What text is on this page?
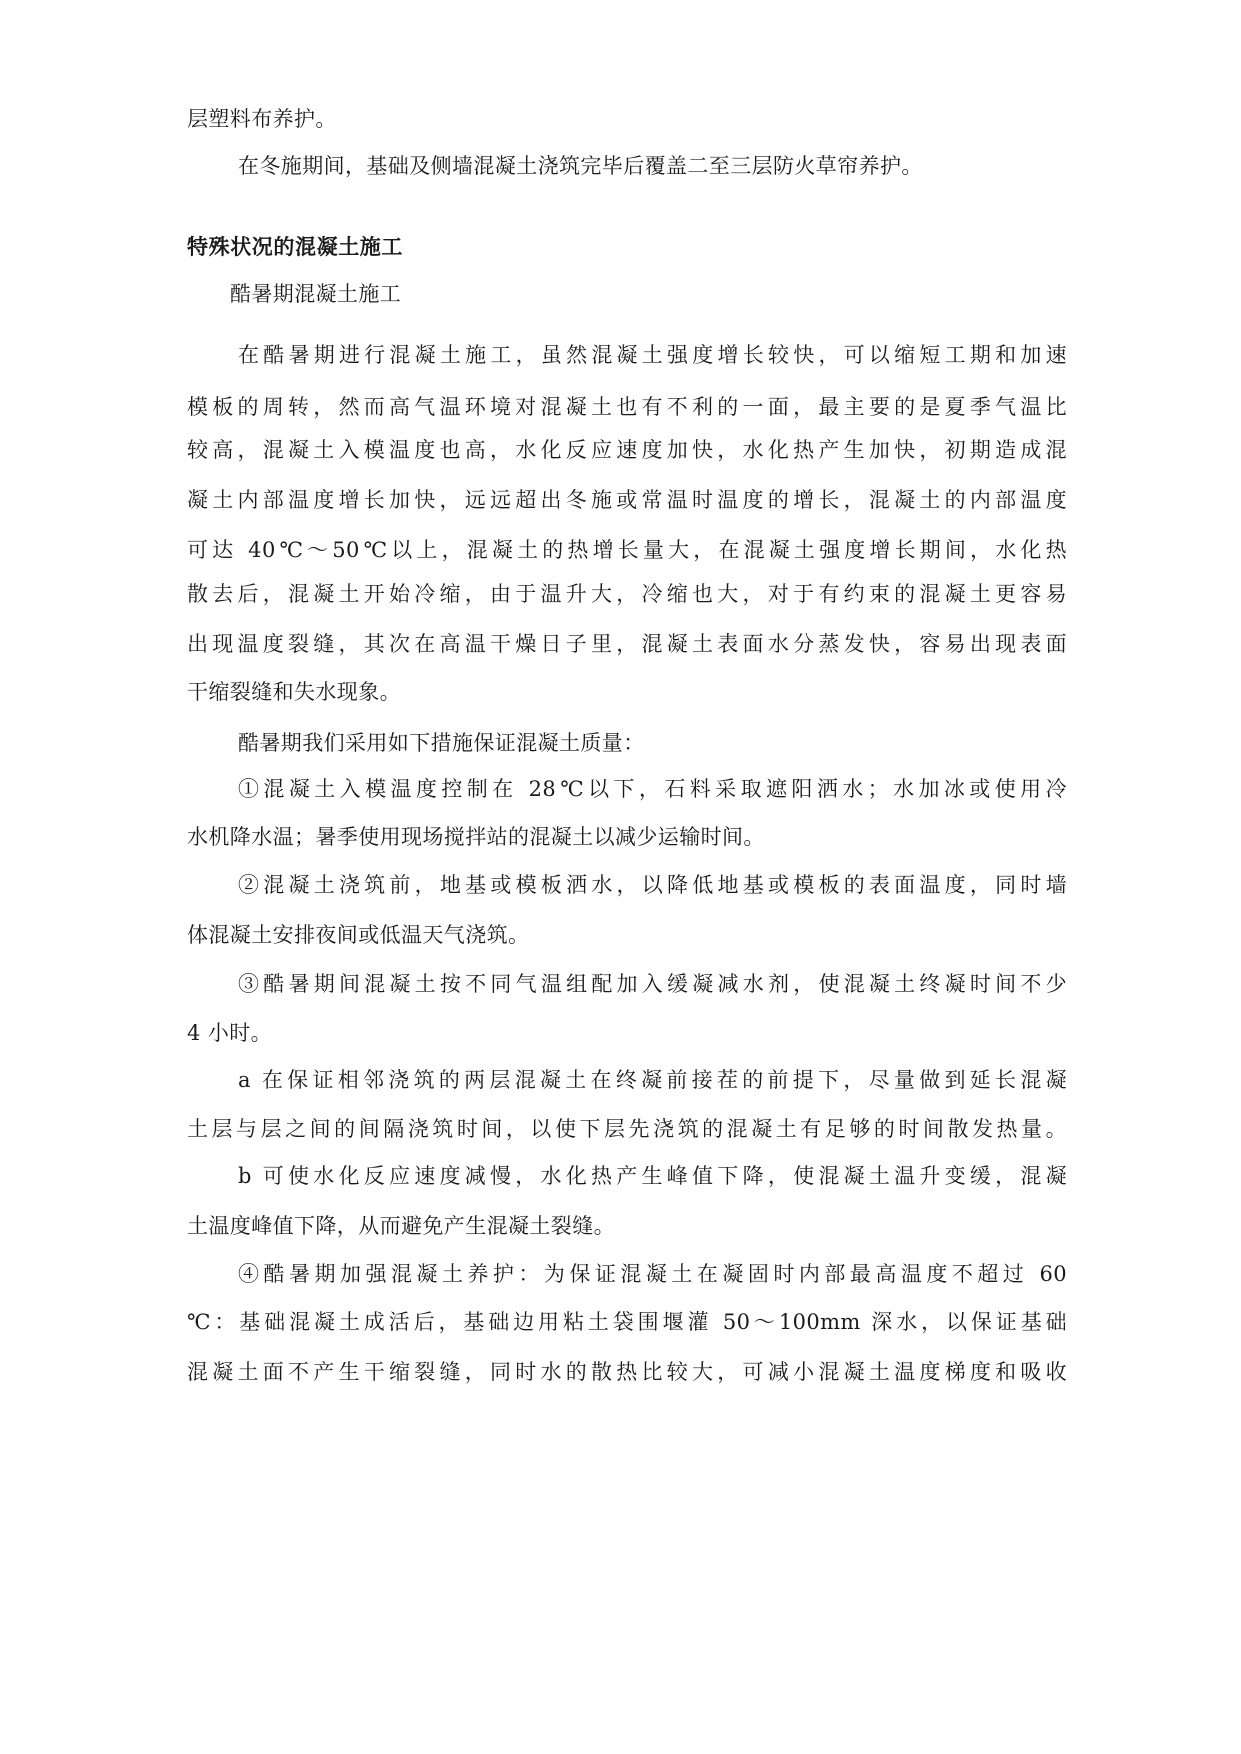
层塑料布养护。
在冬施期间，基础及侧墙混凝土浇筑完毕后覆盖二至三层防火草帘养护。
特殊状况的混凝土施工
酷暑期混凝土施工
在酷暑期进行混凝土施工，虽然混凝土强度增长较快，可以缩短工期和加速
模板的周转，然而高气温环境对混凝土也有不利的一面，最主要的是夏季气温比
较高，混凝土入模温度也高，水化反应速度加快，水化热产生加快，初期造成混
凝土内部温度增长加快，远远超出冬施或常温时温度的增长，混凝土的内部温度
可达 40℃～50℃以上，混凝土的热增长量大，在混凝土强度增长期间，水化热
散去后，混凝土开始冷缩，由于温升大，冷缩也大，对于有约束的混凝土更容易
出现温度裂缝，其次在高温干燥日子里，混凝土表面水分蒸发快，容易出现表面
干缩裂缝和失水现象。
酷暑期我们采用如下措施保证混凝土质量：
①混凝土入模温度控制在 28℃以下，石料采取遮阳洒水；水加冰或使用冷
水机降水温；暑季使用现场搅拌站的混凝土以减少运输时间。
②混凝土浇筑前，地基或模板洒水，以降低地基或模板的表面温度，同时墙
体混凝土安排夜间或低温天气浇筑。
③酷暑期间混凝土按不同气温组配加入缓凝减水剂，使混凝土终凝时间不少
4 小时。
a 在保证相邻浇筑的两层混凝土在终凝前接茬的前提下，尽量做到延长混凝
土层与层之间的间隔浇筑时间，以使下层先浇筑的混凝土有足够的时间散发热量。
b 可使水化反应速度减慢，水化热产生峰值下降，使混凝土温升变缓，混凝
土温度峰值下降，从而避免产生混凝土裂缝。
④酷暑期加强混凝土养护：为保证混凝土在凝固时内部最高温度不超过 60
℃：基础混凝土成活后，基础边用粘土袋围堰灌 50～100mm 深水，以保证基础
混凝土面不产生干缩裂缝，同时水的散热比较大，可减小混凝土温度梯度和吸收
